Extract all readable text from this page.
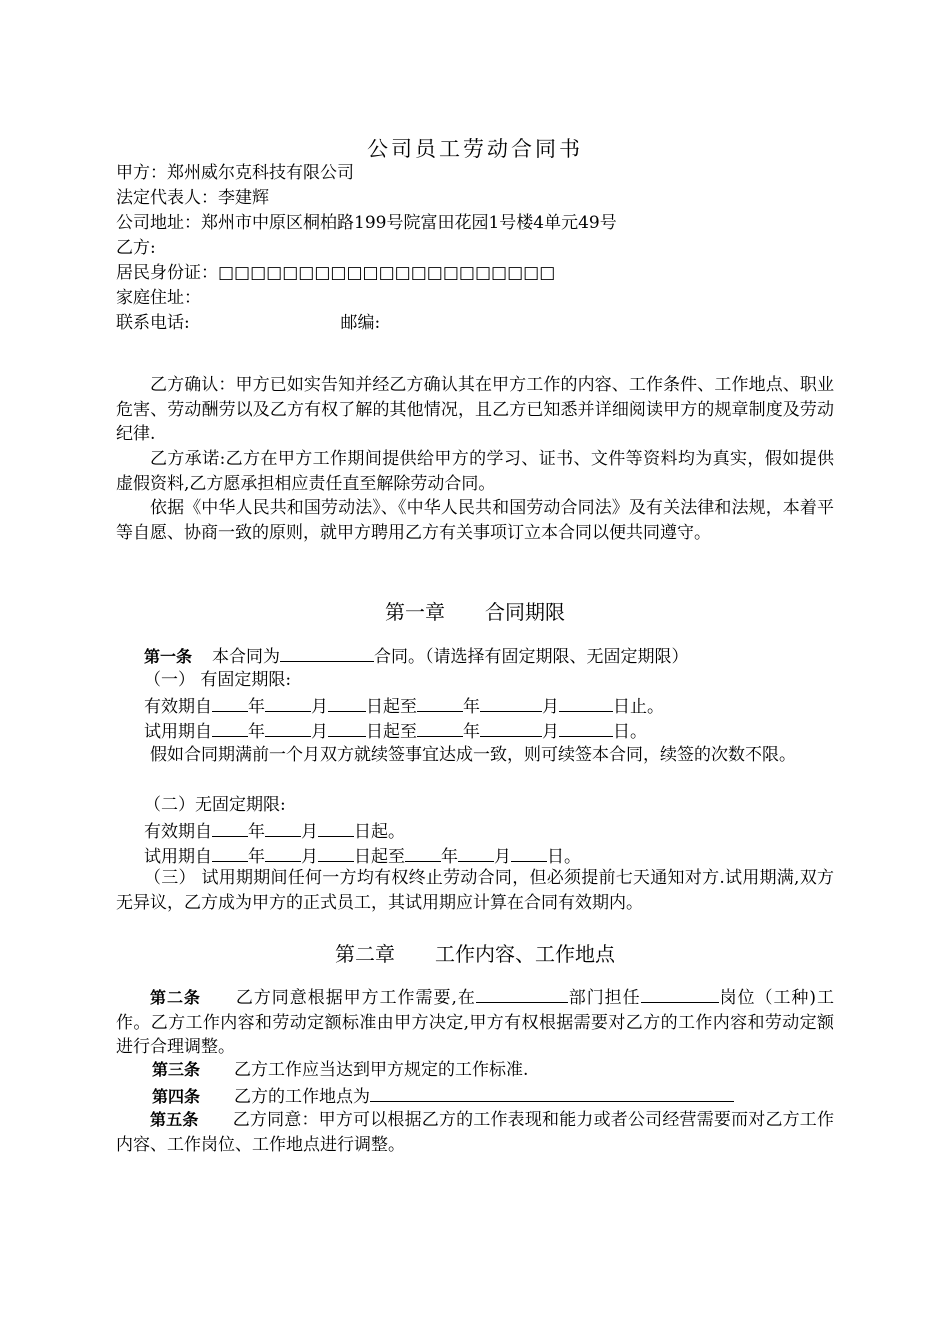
公司员工劳动合同书
甲方：郑州威尔克科技有限公司
法定代表人：李建辉
公司地址：郑州市中原区桐柏路199号院富田花园1号楼4单元49号
乙方:
居民身份证：□□□□□□□□□□□□□□□□□□□□□
家庭住址：
联系电话:	邮编:
乙方确认：甲方已如实告知并经乙方确认其在甲方工作的内容、工作条件、工作地点、职业危害、劳动酬劳以及乙方有权了解的其他情况，且乙方已知悉并详细阅读甲方的规章制度及劳动纪律.
乙方承诺:乙方在甲方工作期间提供给甲方的学习、证书、文件等资料均为真实，假如提供虚假资料,乙方愿承担相应责任直至解除劳动合同。
依据《中华人民共和国劳动法》、《中华人民共和国劳动合同法》及有关法律和法规，本着平等自愿、协商一致的原则，就甲方聘用乙方有关事项订立本合同以便共同遵守。
第一章 合同期限
第一条 本合同为	合同。（请选择有固定期限、无固定期限）
（一） 有固定期限:
有效期自 年	月 日起至	年	月	日止。
试用期自 年	月 日起至	年	月	日。
假如合同期满前一个月双方就续签事宜达成一致，则可续签本合同，续签的次数不限。
（二）无固定期限:
有效期自 年 月 日起。
试用期自 年 月 日起至 年 月 日。
（三） 试用期期间任何一方均有权终止劳动合同，但必须提前七天通知对方.试用期满,双方无异议，乙方成为甲方的正式员工，其试用期应计算在合同有效期内。
第二章 工作内容、工作地点
第二条 乙方同意根据甲方工作需要,在	部门担任	岗位（工种)工作。乙方工作内容和劳动定额标准由甲方决定,甲方有权根据需要对乙方的工作内容和劳动定额进行合理调整。
第三条 乙方工作应当达到甲方规定的工作标准.
第四条 乙方的工作地点为
第五条 乙方同意：甲方可以根据乙方的工作表现和能力或者公司经营需要而对乙方工作内容、工作岗位、工作地点进行调整。
